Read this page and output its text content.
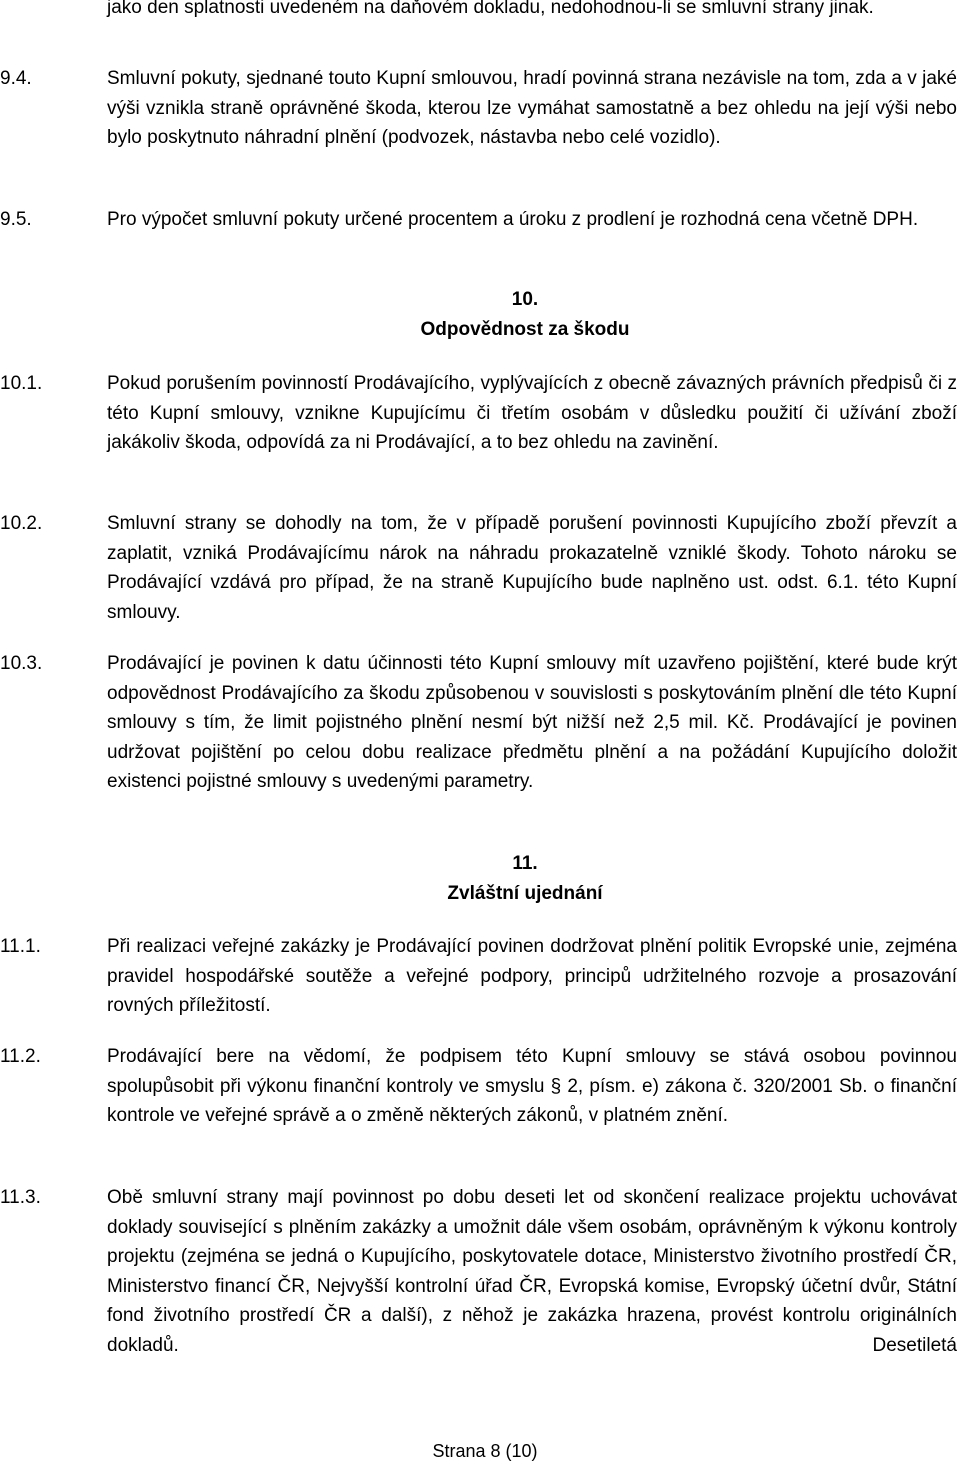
jako den splatnosti uvedeném na daňovém dokladu, nedohodnou-li se smluvní strany jinak.
9.4.	Smluvní pokuty, sjednané touto Kupní smlouvou, hradí povinná strana nezávisle na tom, zda a v jaké výši vznikla straně oprávněné škoda, kterou lze vymáhat samostatně a bez ohledu na její výši nebo bylo poskytnuto náhradní plnění (podvozek, nástavba nebo celé vozidlo).
9.5.	Pro výpočet smluvní pokuty určené procentem a úroku z prodlení je rozhodná cena včetně DPH.
10.
Odpovědnost za škodu
10.1.	Pokud porušením povinností Prodávajícího, vyplývajících z obecně závazných právních předpisů či z této Kupní smlouvy, vznikne Kupujícímu či třetím osobám v důsledku použití či užívání zboží jakákoliv škoda, odpovídá za ni Prodávající, a to bez ohledu na zavinění.
10.2.	Smluvní strany se dohodly na tom, že v případě porušení povinnosti Kupujícího zboží převzít a zaplatit, vzniká Prodávajícímu nárok na náhradu prokazatelně vzniklé škody. Tohoto nároku se Prodávající vzdává pro případ, že na straně Kupujícího bude naplněno ust. odst. 6.1. této Kupní smlouvy.
10.3.	Prodávající je povinen k datu účinnosti této Kupní smlouvy mít uzavřeno pojištění, které bude krýt odpovědnost Prodávajícího za škodu způsobenou v souvislosti s poskytováním plnění dle této Kupní smlouvy s tím, že limit pojistného plnění nesmí být nižší než 2,5 mil. Kč. Prodávající je povinen udržovat pojištění po celou dobu realizace předmětu plnění a na požádání Kupujícího doložit existenci pojistné smlouvy s uvedenými parametry.
11.
Zvláštní ujednání
11.1.	Při realizaci veřejné zakázky je Prodávající povinen dodržovat plnění politik Evropské unie, zejména pravidel hospodářské soutěže a veřejné podpory, principů udržitelného rozvoje a prosazování rovných příležitostí.
11.2.	Prodávající bere na vědomí, že podpisem této Kupní smlouvy se stává osobou povinnou spolupůsobit při výkonu finanční kontroly ve smyslu § 2, písm. e) zákona č. 320/2001 Sb. o finanční kontrole ve veřejné správě a o změně některých zákonů, v platném znění.
11.3.	Obě smluvní strany mají povinnost po dobu deseti let od skončení realizace projektu uchovávat doklady související s plněním zakázky a umožnit dále všem osobám, oprávněným k výkonu kontroly projektu (zejména se jedná o Kupujícího, poskytovatele dotace, Ministerstvo životního prostředí ČR, Ministerstvo financí ČR, Nejvyšší kontrolní úřad ČR, Evropská komise, Evropský účetní dvůr, Státní fond životního prostředí ČR a další), z něhož je zakázka hrazena, provést kontrolu originálních dokladů. Desetiletá
Strana 8 (10)
